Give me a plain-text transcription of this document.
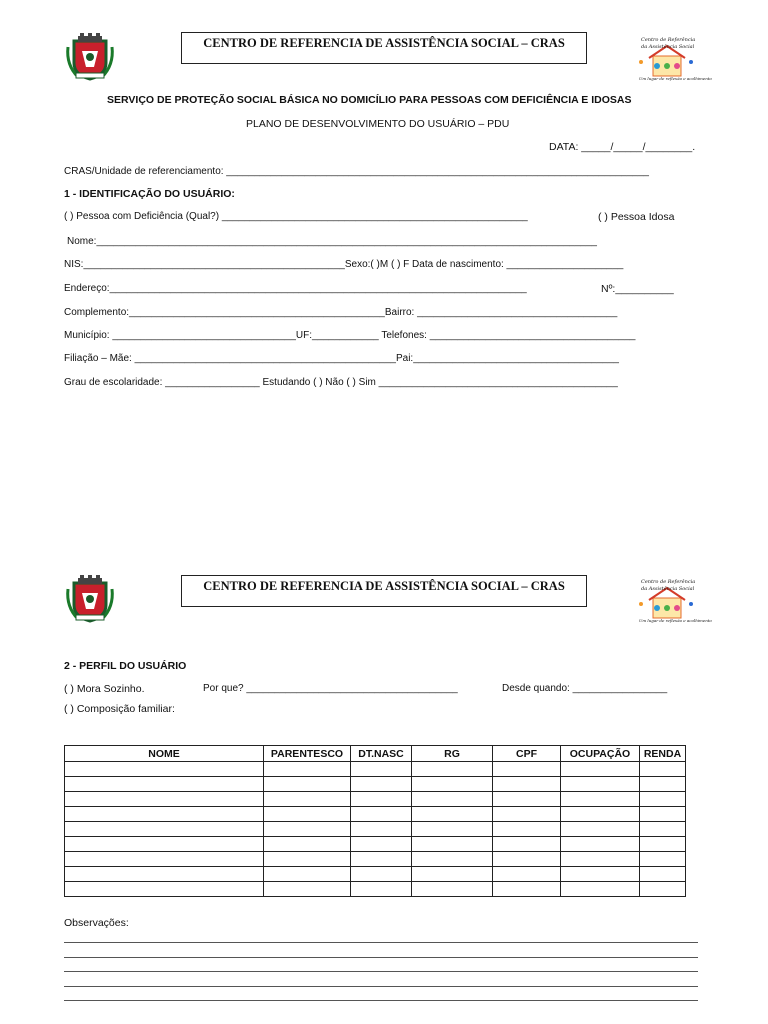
CENTRO DE REFERENCIA DE ASSISTÊNCIA SOCIAL – CRAS	Centro de Referência
da Assistência Social
Um lugar de reflexão e acolhimento
SERVIÇO DE PROTEÇÃO SOCIAL BÁSICA NO DOMICÍLIO PARA PESSOAS COM DEFICIÊNCIA E IDOSAS
PLANO DE DESENVOLVIMENTO DO USUÁRIO – PDU
DATA: _____/_____/________.
CRAS/Unidade de referenciamento: ____________________________________________________________________________
1 - IDENTIFICAÇÃO DO USUÁRIO:
( ) Pessoa com Deficiência (Qual?) _______________________________________________________	( ) Pessoa Idosa
Nome:__________________________________________________________________________________________
NIS:_______________________________________________Sexo:( )M ( ) F Data de nascimento: _____________________
Endereço:___________________________________________________________________________	Nº:__________
Complemento:______________________________________________Bairro: ____________________________________
Município: _________________________________UF:____________ Telefones: _____________________________________
Filiação – Mãe: _______________________________________________Pai:_____________________________________
Grau de escolaridade: _________________ Estudando ( ) Não ( ) Sim ___________________________________________
CENTRO DE REFERENCIA DE ASSISTÊNCIA SOCIAL – CRAS	Centro de Referência
da Assistência Social
Um lugar de reflexão e acolhimento
2 - PERFIL DO USUÁRIO
( ) Mora Sozinho.	Por que? ______________________________________	Desde quando: _________________
( ) Composição familiar:
NOME	PARENTESCO	DT.NASC	RG	CPF	OCUPAÇÃO	RENDA

Observações:
